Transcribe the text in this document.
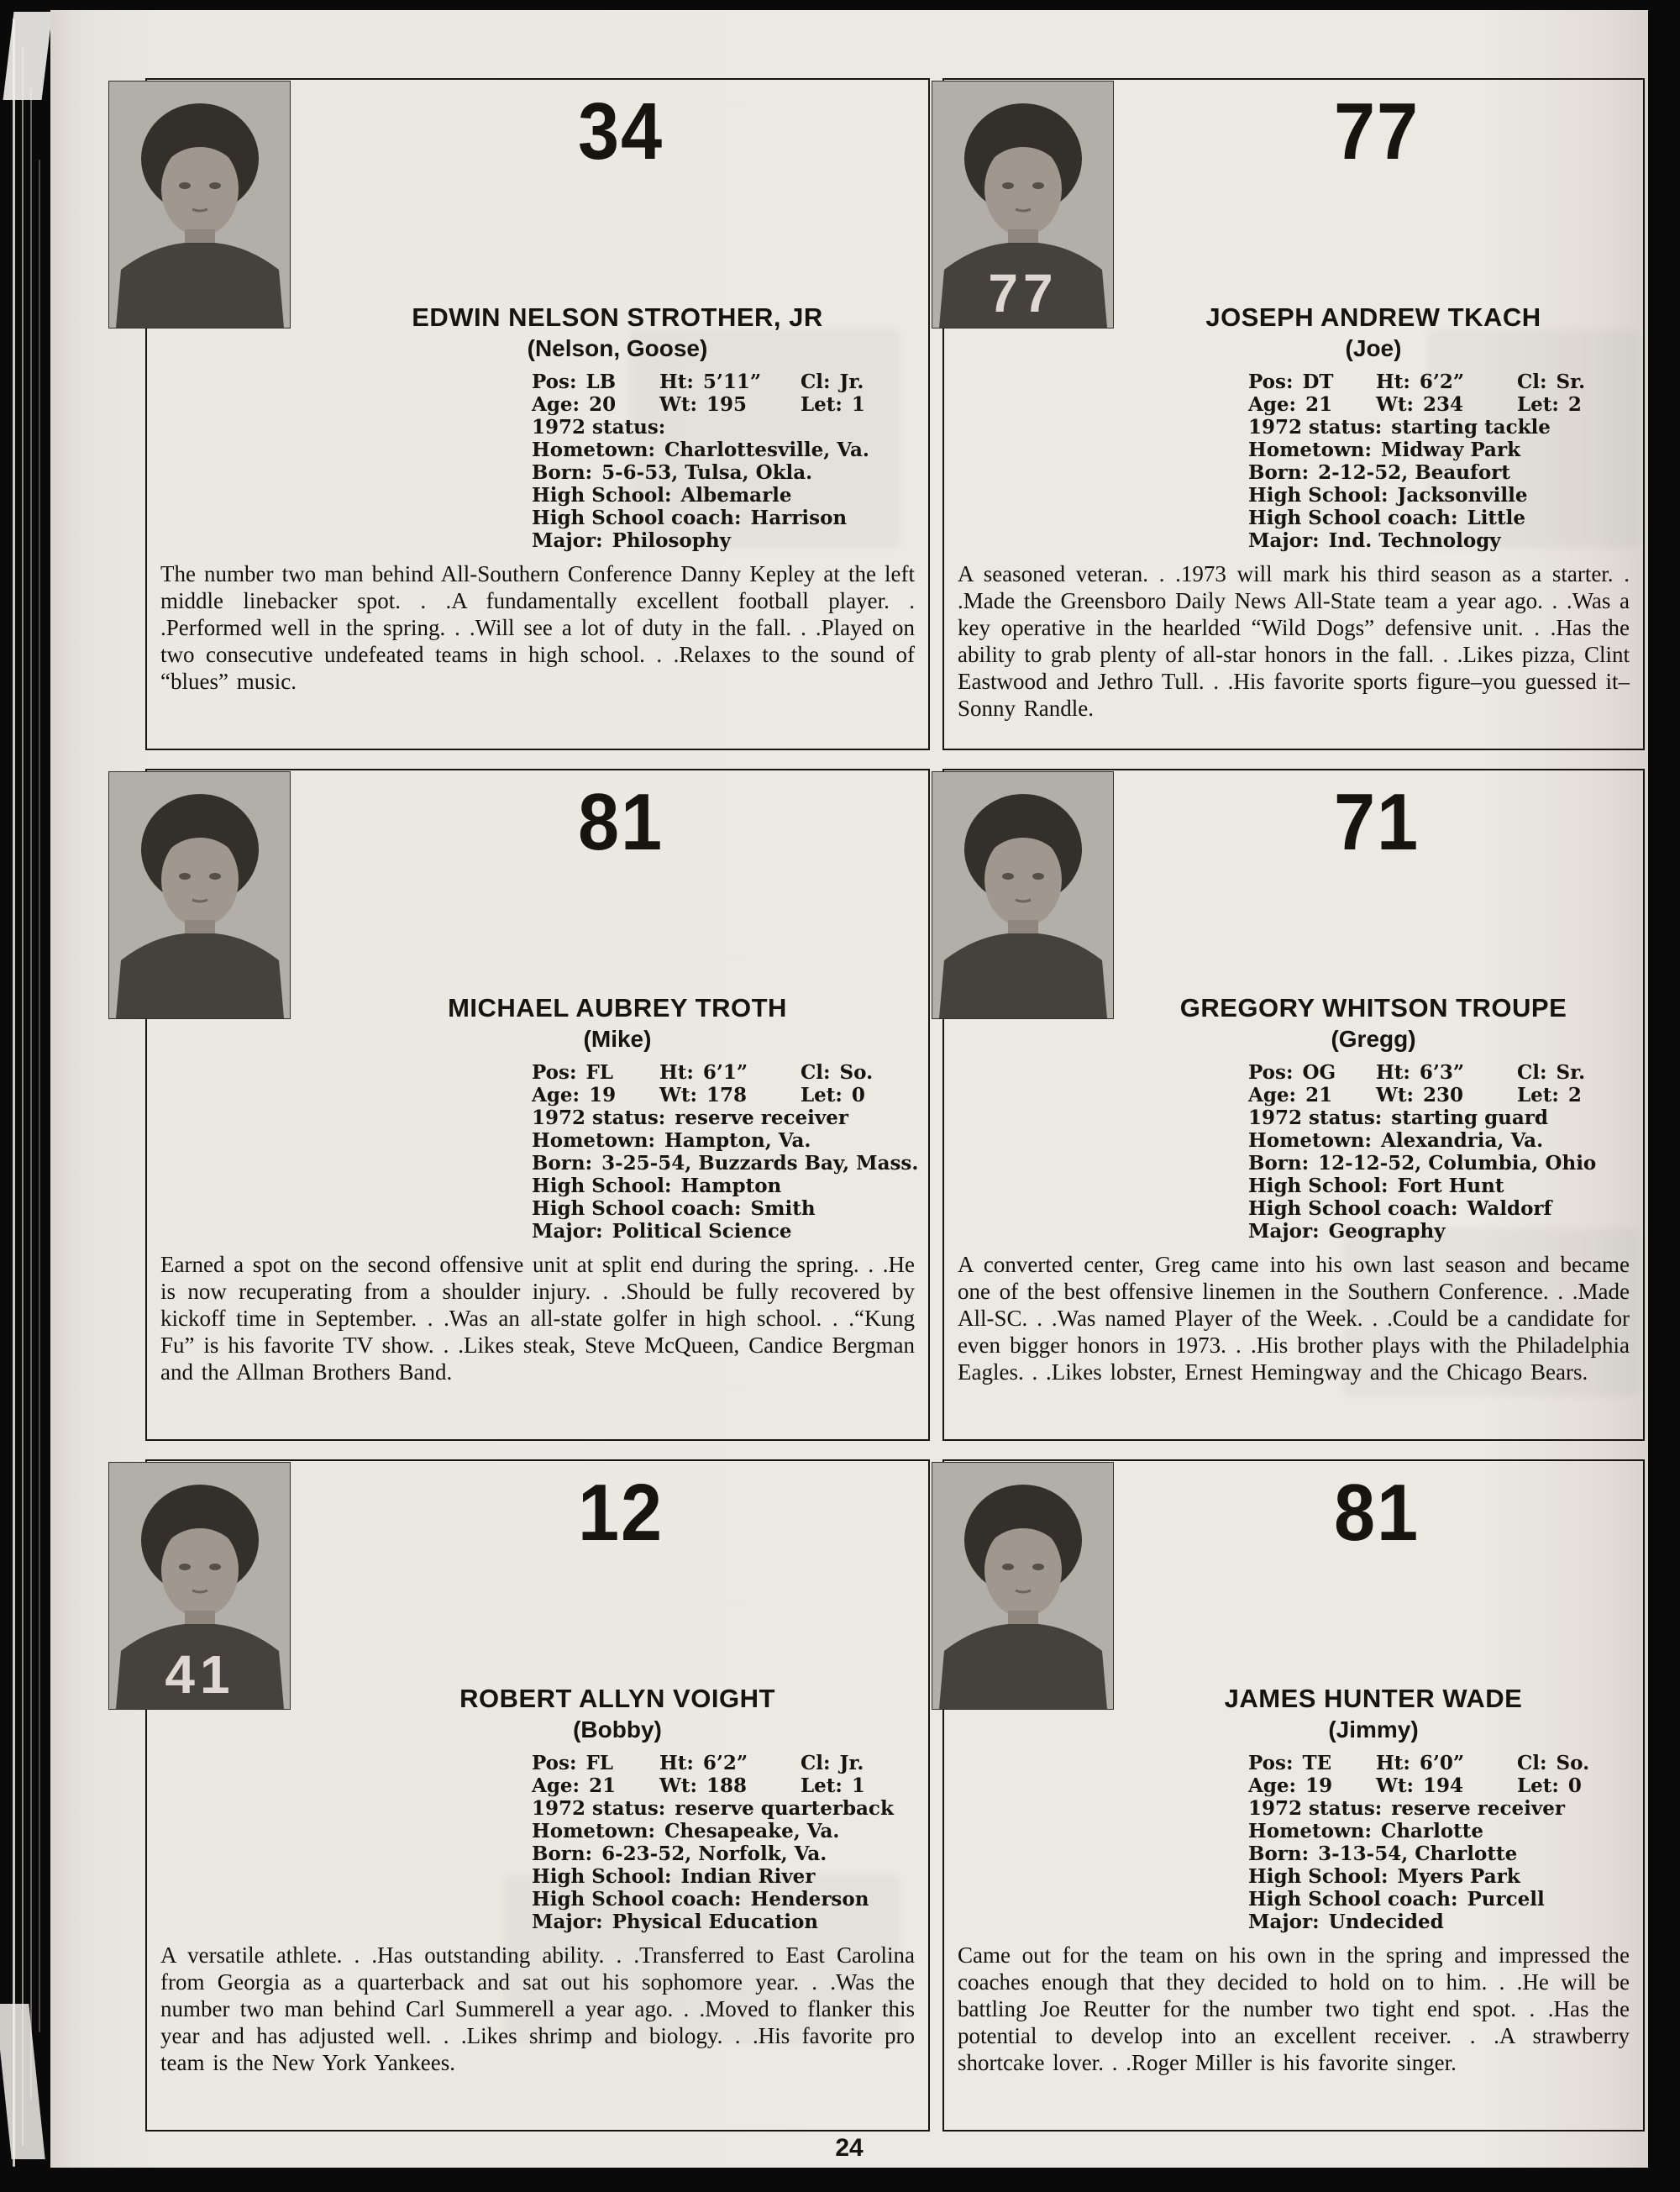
34
EDWIN NELSON STROTHER, JR
(Nelson, Goose)
Pos: LB	Ht: 5’11”	Cl: Jr.
Age: 20	Wt: 195	Let: 1
1972 status:
Hometown: Charlottesville, Va.
Born: 5-6-53, Tulsa, Okla.
High School: Albemarle
High School coach: Harrison
Major: Philosophy

The number two man behind All-Southern Conference Danny Kepley at the left middle linebacker spot. . .A fundamentally excellent football player. . .Performed well in the spring. . .Will see a lot of duty in the fall. . .Played on two consecutive undefeated teams in high school. . .Relaxes to the sound of “blues” music.

77
77
JOSEPH ANDREW TKACH
(Joe)
Pos: DT	Ht: 6’2”	Cl: Sr.
Age: 21	Wt: 234	Let: 2
1972 status: starting tackle
Hometown: Midway Park
Born: 2-12-52, Beaufort
High School: Jacksonville
High School coach: Little
Major: Ind. Technology

A seasoned veteran. . .1973 will mark his third season as a starter. . .Made the Greensboro Daily News All-State team a year ago. . .Was a key operative in the hearlded “Wild Dogs” defensive unit. . .Has the ability to grab plenty of all-star honors in the fall. . .Likes pizza, Clint Eastwood and Jethro Tull. . .His favorite sports figure–you guessed it–Sonny Randle.

81
MICHAEL AUBREY TROTH
(Mike)
Pos: FL	Ht: 6’1”	Cl: So.
Age: 19	Wt: 178	Let: 0
1972 status: reserve receiver
Hometown: Hampton, Va.
Born: 3-25-54, Buzzards Bay, Mass.
High School: Hampton
High School coach: Smith
Major: Political Science

Earned a spot on the second offensive unit at split end during the spring. . .He is now recuperating from a shoulder injury. . .Should be fully recovered by kickoff time in September. . .Was an all-state golfer in high school. . .“Kung Fu” is his favorite TV show. . .Likes steak, Steve McQueen, Candice Bergman and the Allman Brothers Band.

71
GREGORY WHITSON TROUPE
(Gregg)
Pos: OG	Ht: 6’3”	Cl: Sr.
Age: 21	Wt: 230	Let: 2
1972 status: starting guard
Hometown: Alexandria, Va.
Born: 12-12-52, Columbia, Ohio
High School: Fort Hunt
High School coach: Waldorf
Major: Geography

A converted center, Greg came into his own last season and became one of the best offensive linemen in the Southern Conference. . .Made All-SC. . .Was named Player of the Week. . .Could be a candidate for even bigger honors in 1973. . .His brother plays with the Philadelphia Eagles. . .Likes lobster, Ernest Hemingway and the Chicago Bears.

41
12
ROBERT ALLYN VOIGHT
(Bobby)
Pos: FL	Ht: 6’2”	Cl: Jr.
Age: 21	Wt: 188	Let: 1
1972 status: reserve quarterback
Hometown: Chesapeake, Va.
Born: 6-23-52, Norfolk, Va.
High School: Indian River
High School coach: Henderson
Major: Physical Education

A versatile athlete. . .Has outstanding ability. . .Transferred to East Carolina from Georgia as a quarterback and sat out his sophomore year. . .Was the number two man behind Carl Summerell a year ago. . .Moved to flanker this year and has adjusted well. . .Likes shrimp and biology. . .His favorite pro team is the New York Yankees.

81
JAMES HUNTER WADE
(Jimmy)
Pos: TE	Ht: 6’0”	Cl: So.
Age: 19	Wt: 194	Let: 0
1972 status: reserve receiver
Hometown: Charlotte
Born: 3-13-54, Charlotte
High School: Myers Park
High School coach: Purcell
Major: Undecided

Came out for the team on his own in the spring and impressed the coaches enough that they decided to hold on to him. . .He will be battling Joe Reutter for the number two tight end spot. . .Has the potential to develop into an excellent receiver. . .A strawberry shortcake lover. . .Roger Miller is his favorite singer.

24
